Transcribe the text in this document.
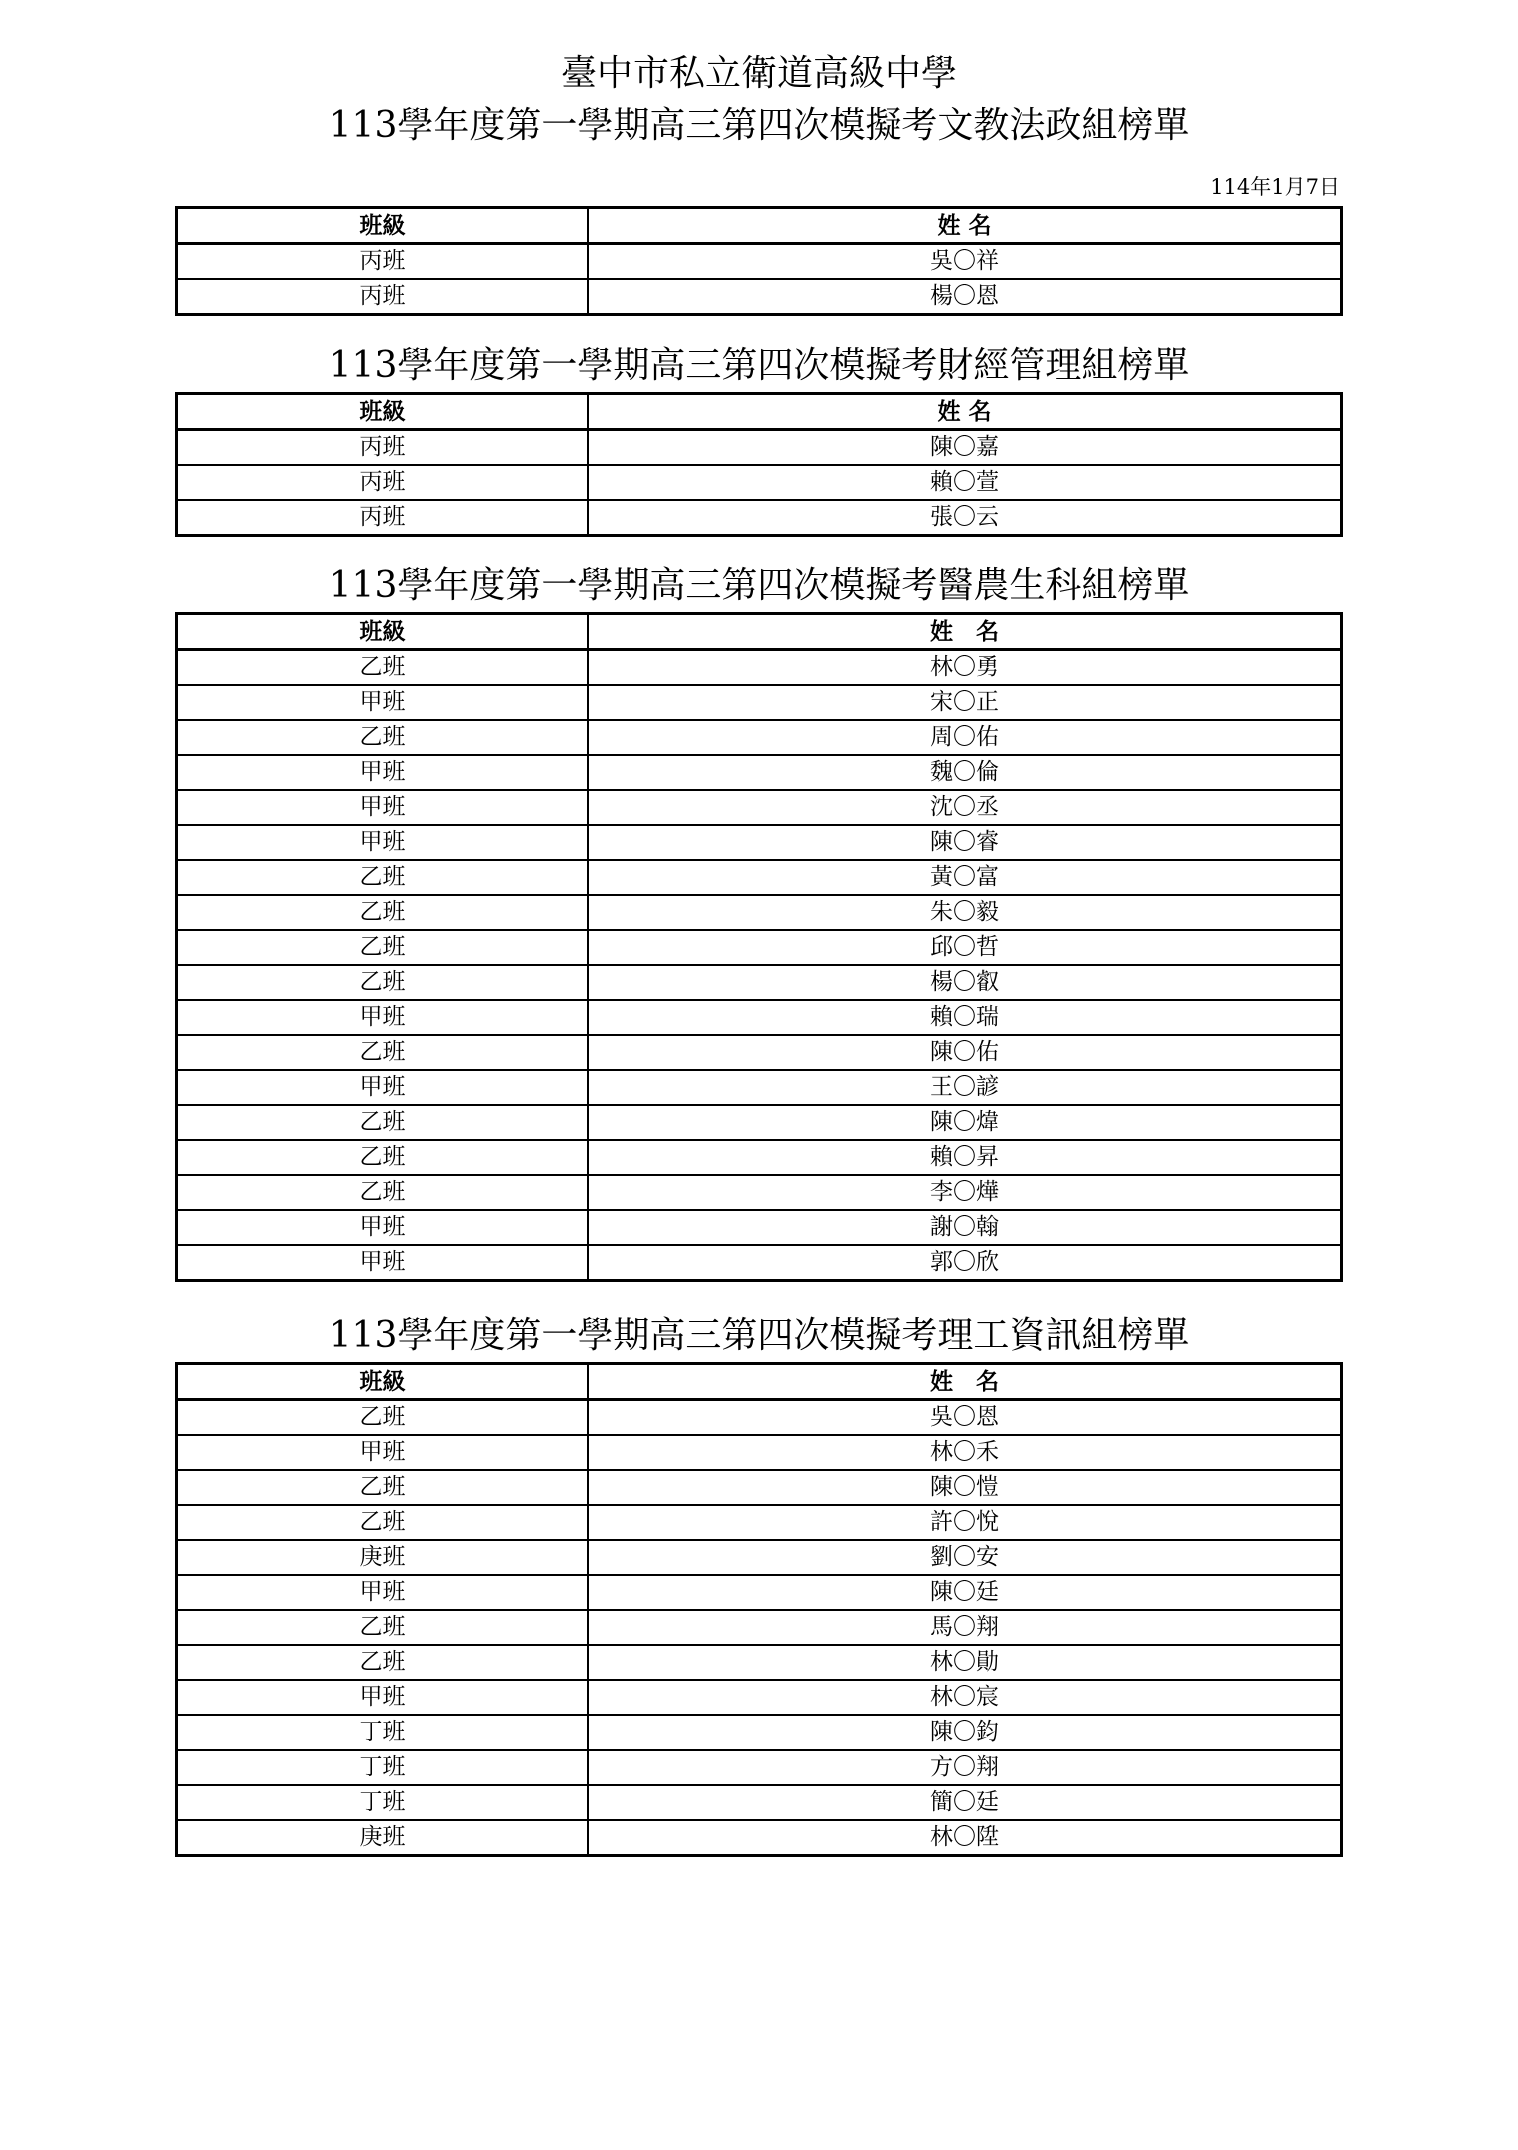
臺中市私立衛道高級中學
113學年度第一學期高三第四次模擬考文教法政組榜單
114年1月7日
班級	姓 名
丙班	吳〇祥
丙班	楊〇恩
113學年度第一學期高三第四次模擬考財經管理組榜單
班級	姓 名
丙班	陳〇嘉
丙班	賴〇萱
丙班	張〇云
113學年度第一學期高三第四次模擬考醫農生科組榜單
班級	姓　名
乙班	林〇勇
甲班	宋〇正
乙班	周〇佑
甲班	魏〇倫
甲班	沈〇丞
甲班	陳〇睿
乙班	黃〇富
乙班	朱〇毅
乙班	邱〇哲
乙班	楊〇叡
甲班	賴〇瑞
乙班	陳〇佑
甲班	王〇諺
乙班	陳〇煒
乙班	賴〇昇
乙班	李〇燁
甲班	謝〇翰
甲班	郭〇欣
113學年度第一學期高三第四次模擬考理工資訊組榜單
班級	姓　名
乙班	吳〇恩
甲班	林〇禾
乙班	陳〇愷
乙班	許〇悅
庚班	劉〇安
甲班	陳〇廷
乙班	馬〇翔
乙班	林〇勛
甲班	林〇宸
丁班	陳〇鈞
丁班	方〇翔
丁班	簡〇廷
庚班	林〇陞
